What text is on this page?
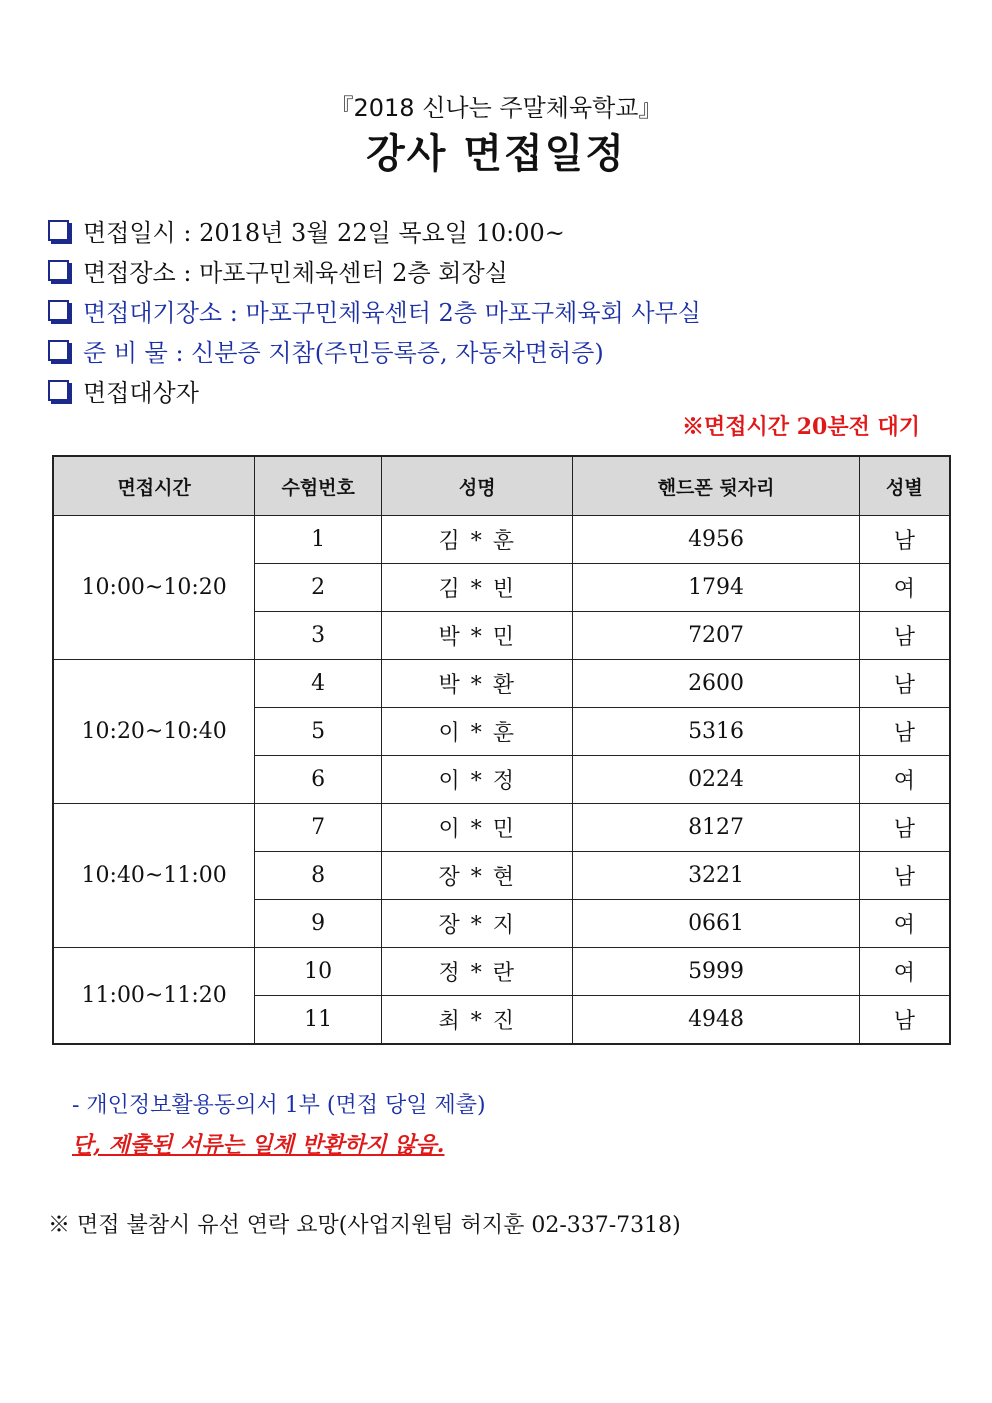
『2018 신나는 주말체육학교』
강사 면접일정
면접일시 : 2018년 3월 22일 목요일 10:00~
면접장소 : 마포구민체육센터 2층 회장실
면접대기장소 : 마포구민체육센터 2층 마포구체육회 사무실
준 비 물 : 신분증 지참(주민등록증, 자동차면허증)
면접대상자
※면접시간 20분전 대기
면접시간	수험번호	성명	핸드폰 뒷자리	성별
10:00~10:20	1	김 * 훈	4956	남
	2	김 * 빈	1794	여
	3	박 * 민	7207	남
10:20~10:40	4	박 * 환	2600	남
	5	이 * 훈	5316	남
	6	이 * 정	0224	여
10:40~11:00	7	이 * 민	8127	남
	8	장 * 현	3221	남
	9	장 * 지	0661	여
11:00~11:20	10	정 * 란	5999	여
	11	최 * 진	4948	남
- 개인정보활용동의서 1부 (면접 당일 제출)
단, 제출된 서류는 일체 반환하지 않음.
※ 면접 불참시 유선 연락 요망(사업지원팀 허지훈 02-337-7318)
